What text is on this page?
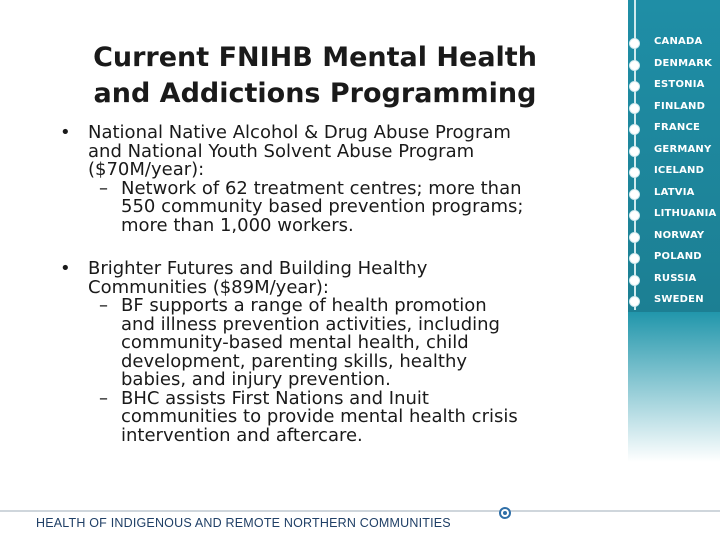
CANADA
DENMARK
ESTONIA
FINLAND
FRANCE
GERMANY
ICELAND
LATVIA
LITHUANIA
NORWAY
POLAND
RUSSIA
SWEDEN
Current FNIHB Mental Health
and Addictions Programming
• National Native Alcohol & Drug Abuse Program
and National Youth Solvent Abuse Program
($70M/year):
– Network of 62 treatment centres; more than
550 community based prevention programs;
more than 1,000 workers.
• Brighter Futures and Building Healthy
Communities ($89M/year):
– BF supports a range of health promotion
and illness prevention activities, including
community-based mental health, child
development, parenting skills, healthy
babies, and injury prevention.
– BHC assists First Nations and Inuit
communities to provide mental health crisis
intervention and aftercare.
HEALTH OF INDIGENOUS AND REMOTE NORTHERN COMMUNITIES
